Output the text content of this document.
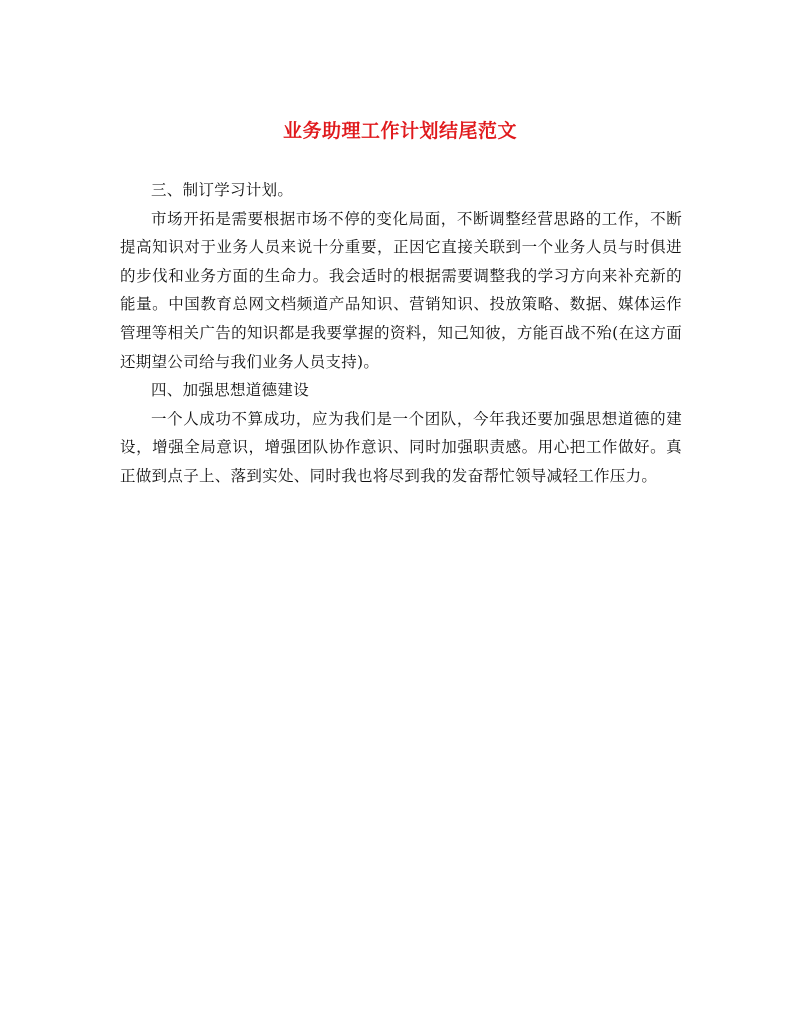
业务助理工作计划结尾范文

三、制订学习计划。

市场开拓是需要根据市场不停的变化局面，不断调整经营思路的工作，不断提高知识对于业务人员来说十分重要，正因它直接关联到一个业务人员与时俱进的步伐和业务方面的生命力。我会适时的根据需要调整我的学习方向来补充新的能量。中国教育总网文档频道产品知识、营销知识、投放策略、数据、媒体运作管理等相关广告的知识都是我要掌握的资料，知己知彼，方能百战不殆(在这方面还期望公司给与我们业务人员支持)。

四、加强思想道德建设

一个人成功不算成功，应为我们是一个团队，今年我还要加强思想道德的建设，增强全局意识，增强团队协作意识、同时加强职责感。用心把工作做好。真正做到点子上、落到实处、同时我也将尽到我的发奋帮忙领导减轻工作压力。
